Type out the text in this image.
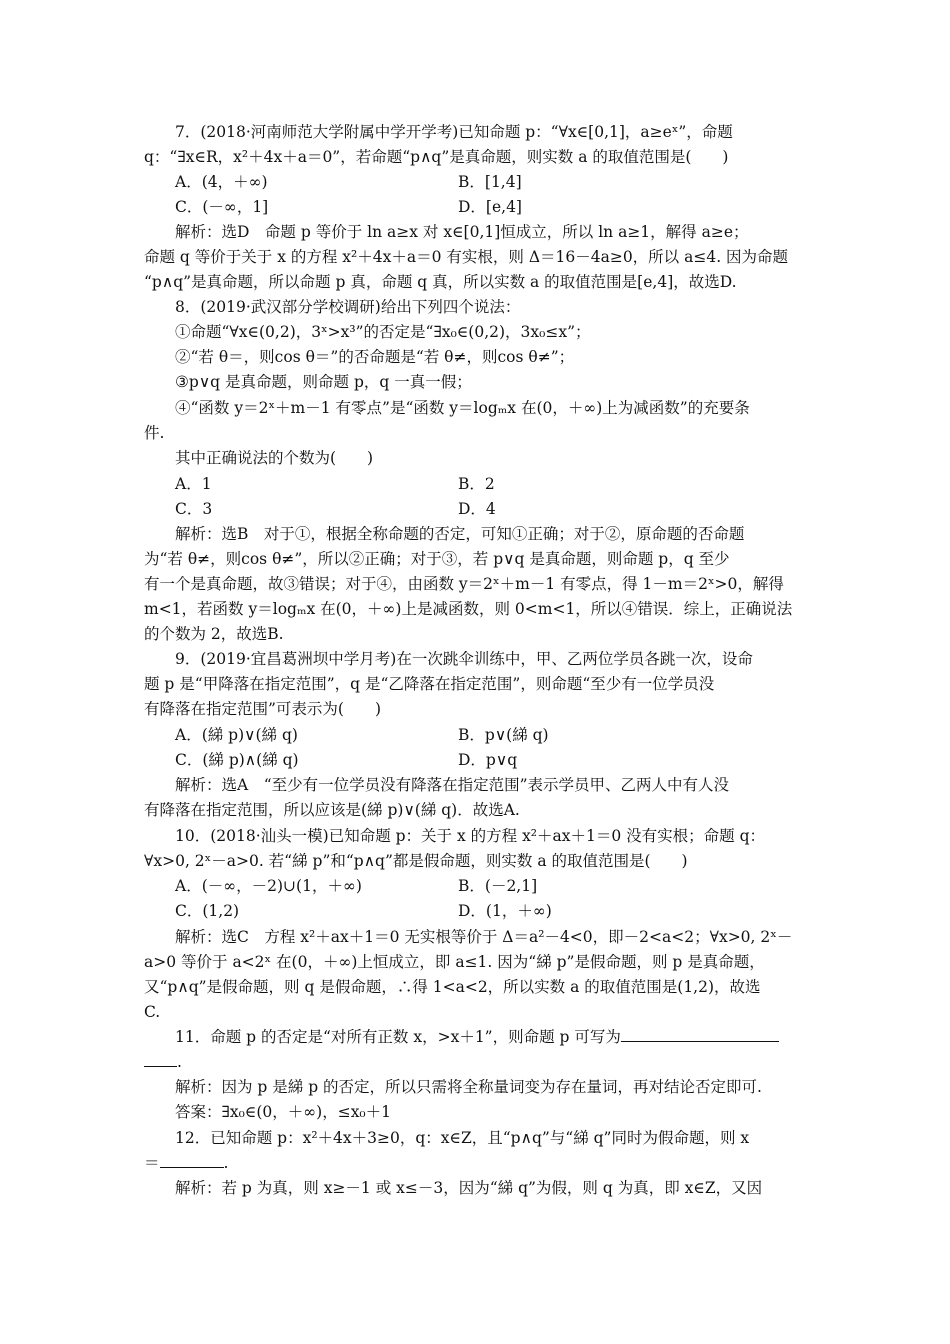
7．(2018·河南师范大学附属中学开学考)已知命题 p：“∀x∈[0,1]，a≥eˣ”，命题
q：“∃x∈R，x²＋4x＋a＝0”，若命题“p∧q”是真命题，则实数 a 的取值范围是(　　)
A．(4，＋∞)	B．[1,4]
C．(－∞，1]	D．[e,4]
解析：选D　命题 p 等价于 ln a≥x 对 x∈[0,1]恒成立，所以 ln a≥1，解得 a≥e；
命题 q 等价于关于 x 的方程 x²＋4x＋a＝0 有实根，则 Δ＝16－4a≥0，所以 a≤4. 因为命题
“p∧q”是真命题，所以命题 p 真，命题 q 真，所以实数 a 的取值范围是[e,4]，故选D.
8．(2019·武汉部分学校调研)给出下列四个说法：
①命题“∀x∈(0,2)，3ˣ>x³”的否定是“∃x₀∈(0,2)，3x₀≤x”；
②“若 θ＝，则cos θ＝”的否命题是“若 θ≠，则cos θ≠”；
③p∨q 是真命题，则命题 p，q 一真一假；
④“函数 y＝2ˣ＋m－1 有零点”是“函数 y＝logₘx 在(0，＋∞)上为减函数”的充要条
件.
其中正确说法的个数为(　　)
A．1	B．2
C．3	D．4
解析：选B　对于①，根据全称命题的否定，可知①正确；对于②，原命题的否命题
为“若 θ≠，则cos θ≠”，所以②正确；对于③，若 p∨q 是真命题，则命题 p，q 至少
有一个是真命题，故③错误；对于④，由函数 y＝2ˣ＋m－1 有零点，得 1－m＝2ˣ>0，解得
m<1，若函数 y＝logₘx 在(0，＋∞)上是减函数，则 0<m<1，所以④错误．综上，正确说法
的个数为 2，故选B.
9．(2019·宜昌葛洲坝中学月考)在一次跳伞训练中，甲、乙两位学员各跳一次，设命
题 p 是“甲降落在指定范围”，q 是“乙降落在指定范围”，则命题“至少有一位学员没
有降落在指定范围”可表示为(　　)
A．(綈 p)∨(綈 q)	B．p∨(綈 q)
C．(綈 p)∧(綈 q)	D．p∨q
解析：选A　“至少有一位学员没有降落在指定范围”表示学员甲、乙两人中有人没
有降落在指定范围，所以应该是(綈 p)∨(綈 q)．故选A.
10．(2018·汕头一模)已知命题 p：关于 x 的方程 x²＋ax＋1＝0 没有实根；命题 q：
∀x>0, 2ˣ－a>0. 若“綈 p”和“p∧q”都是假命题，则实数 a 的取值范围是(　　)
A．(－∞，－2)∪(1，＋∞)	B．(－2,1]
C．(1,2)	D．(1，＋∞)
解析：选C　方程 x²＋ax＋1＝0 无实根等价于 Δ＝a²－4<0，即－2<a<2；∀x>0, 2ˣ－
a>0 等价于 a<2ˣ 在(0，＋∞)上恒成立，即 a≤1. 因为“綈 p”是假命题，则 p 是真命题，
又“p∧q”是假命题，则 q 是假命题，∴得 1<a<2，所以实数 a 的取值范围是(1,2)，故选
C.
11．命题 p 的否定是“对所有正数 x，>x＋1”，则命题 p 可写为
.
解析：因为 p 是綈 p 的否定，所以只需将全称量词变为存在量词，再对结论否定即可.
答案：∃x₀∈(0，＋∞)，≤x₀＋1
12．已知命题 p：x²＋4x＋3≥0，q：x∈Z，且“p∧q”与“綈 q”同时为假命题，则 x
＝	.
解析：若 p 为真，则 x≥－1 或 x≤－3，因为“綈 q”为假，则 q 为真，即 x∈Z，又因
